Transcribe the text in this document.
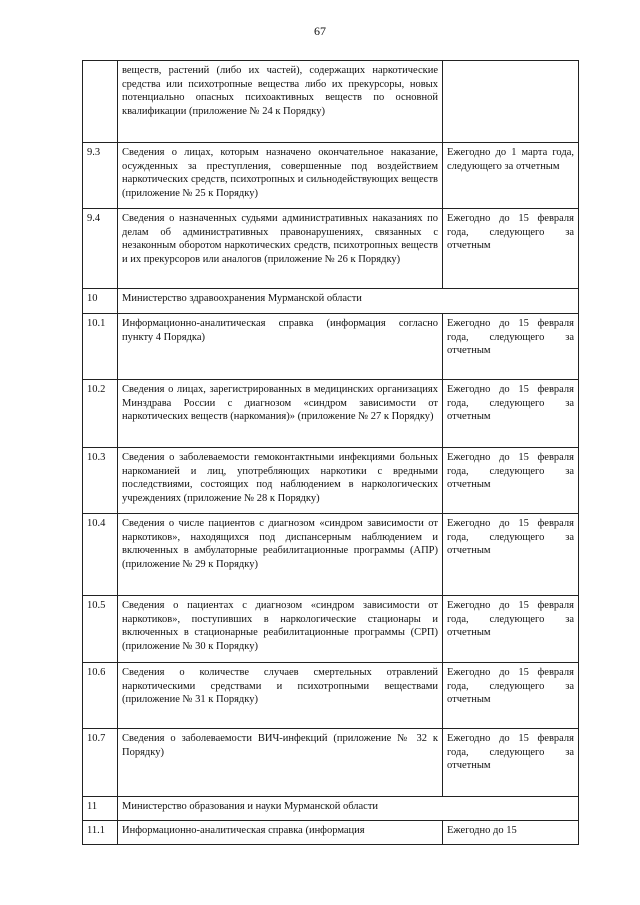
67
	веществ, растений (либо их частей), содержащих наркотические средства или психотропные вещества либо их прекурсоры, новых потенциально опасных психоактивных веществ по основной квалификации (приложение № 24 к Порядку)	
9.3	Сведения о лицах, которым назначено окончательное наказание, осужденных за преступления, совершенные под воздействием наркотических средств, психотропных и сильнодействующих веществ (приложение № 25 к Порядку)	Ежегодно до 1 марта года, следующего за отчетным
9.4	Сведения о назначенных судьями административных наказаниях по делам об административных правонарушениях, связанных с незаконным оборотом наркотических средств, психотропных веществ и их прекурсоров или аналогов (приложение № 26 к Порядку)	Ежегодно до 15 февраля года, следующего за отчетным
10	Министерство здравоохранения Мурманской области	
10.1	Информационно-аналитическая справка (информация согласно пункту 4 Порядка)	Ежегодно до 15 февраля года, следующего за отчетным
10.2	Сведения о лицах, зарегистрированных в медицинских организациях Минздрава России с диагнозом «синдром зависимости от наркотических веществ (наркомания)» (приложение № 27 к Порядку)	Ежегодно до 15 февраля года, следующего за отчетным
10.3	Сведения о заболеваемости гемоконтактными инфекциями больных наркоманией и лиц, употребляющих наркотики с вредными последствиями, состоящих под наблюдением в наркологических учреждениях (приложение № 28 к Порядку)	Ежегодно до 15 февраля года, следующего за отчетным
10.4	Сведения о числе пациентов с диагнозом «синдром зависимости от наркотиков», находящихся под диспансерным наблюдением и включенных в амбулаторные реабилитационные программы (АПР) (приложение № 29 к Порядку)	Ежегодно до 15 февраля года, следующего за отчетным
10.5	Сведения о пациентах с диагнозом «синдром зависимости от наркотиков», поступивших в наркологические стационары и включенных в стационарные реабилитационные программы (СРП) (приложение № 30 к Порядку)	Ежегодно до 15 февраля года, следующего за отчетным
10.6	Сведения о количестве случаев смертельных отравлений наркотическими средствами и психотропными веществами (приложение № 31 к Порядку)	Ежегодно до 15 февраля года, следующего за отчетным
10.7	Сведения о заболеваемости ВИЧ-инфекций (приложение № 32 к Порядку)	Ежегодно до 15 февраля года, следующего за отчетным
11	Министерство образования и науки Мурманской области	
11.1	Информационно-аналитическая справка (информация	Ежегодно до 15
